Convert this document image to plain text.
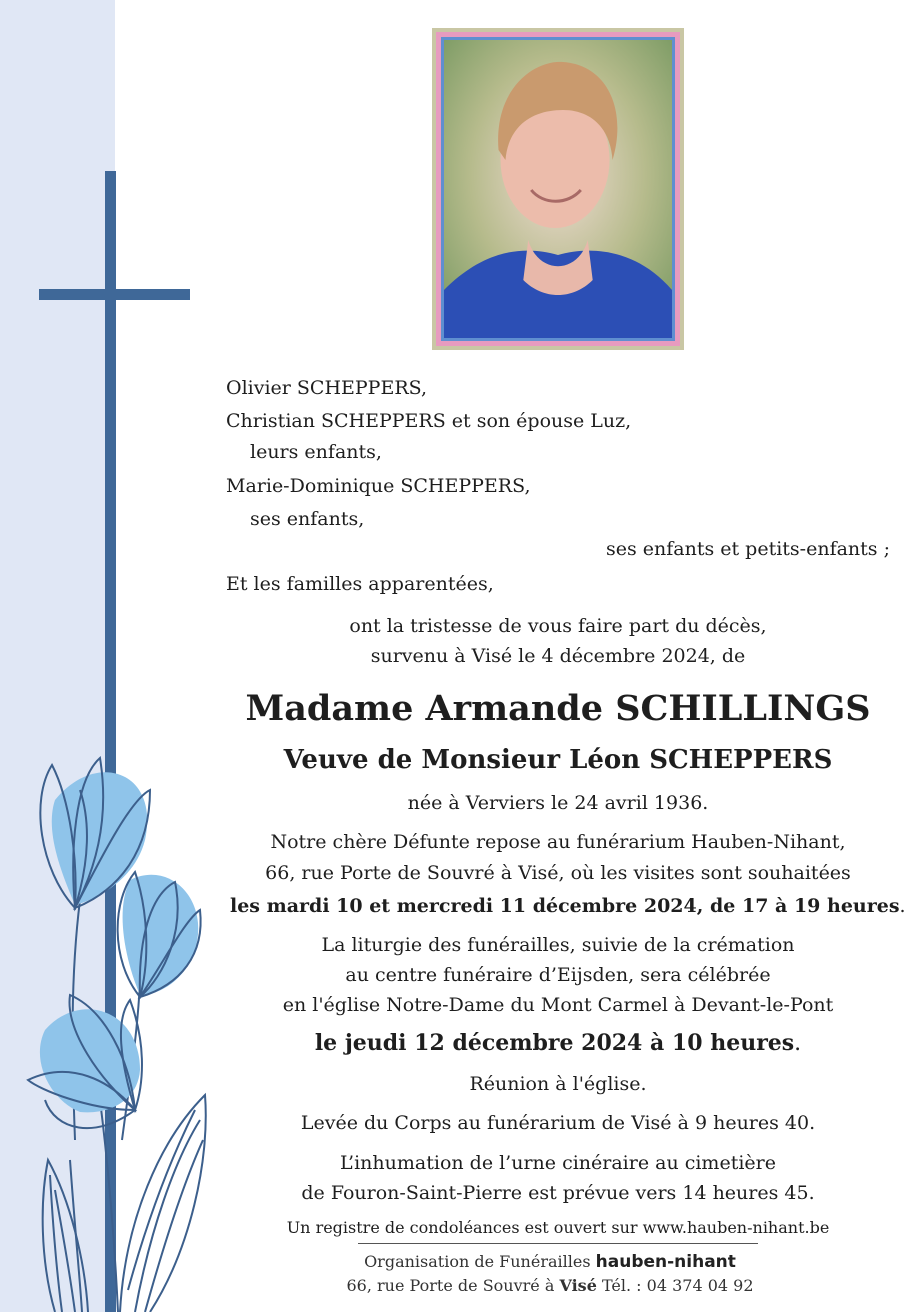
Olivier SCHEPPERS,
Christian SCHEPPERS et son épouse Luz,
leurs enfants,
Marie-Dominique SCHEPPERS,
ses enfants,
ses enfants et petits-enfants ;
Et les familles apparentées,
ont la tristesse de vous faire part du décès,
survenu à Visé le 4 décembre 2024, de
Madame Armande SCHILLINGS
Veuve de Monsieur Léon SCHEPPERS
née à Verviers le 24 avril 1936.
Notre chère Défunte repose au funérarium Hauben-Nihant,
66, rue Porte de Souvré à Visé, où les visites sont souhaitées
les mardi 10 et mercredi 11 décembre 2024, de 17 à 19 heures.
La liturgie des funérailles, suivie de la crémation
au centre funéraire d’Eijsden, sera célébrée
en l'église Notre-Dame du Mont Carmel à Devant-le-Pont
le jeudi 12 décembre 2024 à 10 heures.
Réunion à l'église.
Levée du Corps au funérarium de Visé à 9 heures 40.
L’inhumation de l’urne cinéraire au cimetière
de Fouron-Saint-Pierre est prévue vers 14 heures 45.
Un registre de condoléances est ouvert sur www.hauben-nihant.be
Organisation de Funérailles hauben-nihant
66, rue Porte de Souvré à Visé Tél. : 04 374 04 92
